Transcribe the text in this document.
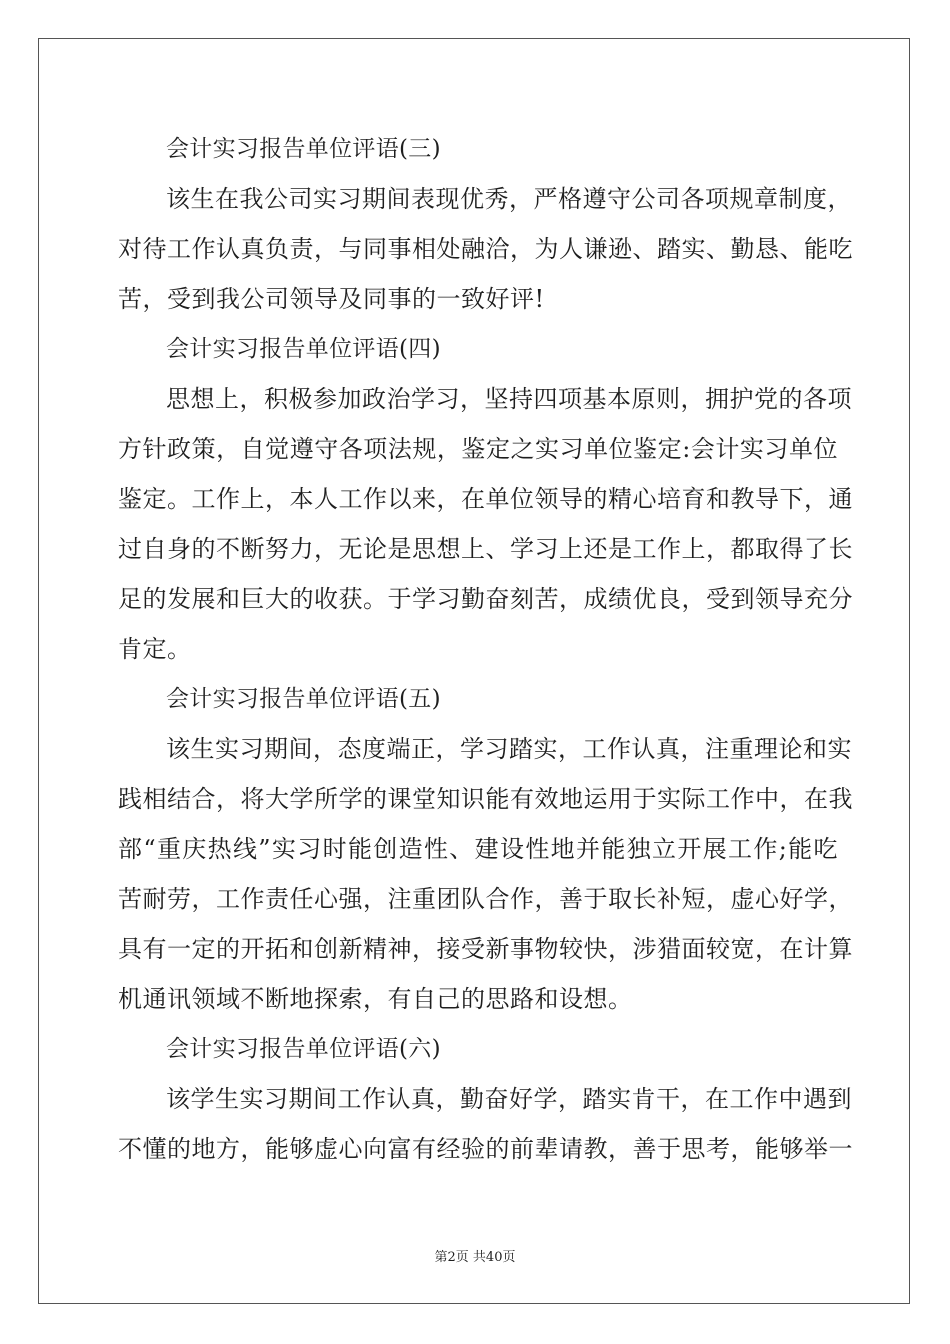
会计实习报告单位评语(三)
该生在我公司实习期间表现优秀，严格遵守公司各项规章制度，
对待工作认真负责，与同事相处融洽，为人谦逊、踏实、勤恳、能吃
苦，受到我公司领导及同事的一致好评!
会计实习报告单位评语(四)
思想上，积极参加政治学习，坚持四项基本原则，拥护党的各项
方针政策，自觉遵守各项法规，鉴定之实习单位鉴定:会计实习单位
鉴定。工作上，本人工作以来，在单位领导的精心培育和教导下，通
过自身的不断努力，无论是思想上、学习上还是工作上，都取得了长
足的发展和巨大的收获。于学习勤奋刻苦，成绩优良，受到领导充分
肯定。
会计实习报告单位评语(五)
该生实习期间，态度端正，学习踏实，工作认真，注重理论和实
践相结合，将大学所学的课堂知识能有效地运用于实际工作中，在我
部“重庆热线”实习时能创造性、建设性地并能独立开展工作;能吃
苦耐劳，工作责任心强，注重团队合作，善于取长补短，虚心好学，
具有一定的开拓和创新精神，接受新事物较快，涉猎面较宽，在计算
机通讯领域不断地探索，有自己的思路和设想。
会计实习报告单位评语(六)
该学生实习期间工作认真，勤奋好学，踏实肯干，在工作中遇到
不懂的地方，能够虚心向富有经验的前辈请教，善于思考，能够举一
第2页 共40页
